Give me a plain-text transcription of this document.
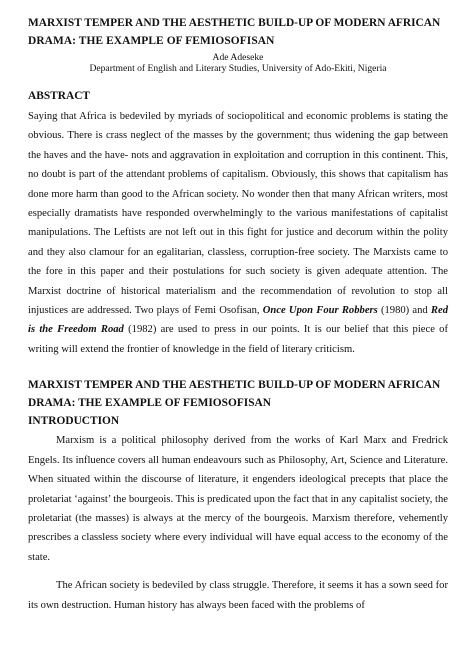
MARXIST TEMPER AND THE AESTHETIC BUILD-UP OF MODERN AFRICAN

DRAMA: THE EXAMPLE OF FEMIOSOFISAN

Ade Adeseke

Department of English and Literary Studies, University of Ado-Ekiti, Nigeria

ABSTRACT

Saying that Africa is bedeviled by myriads of sociopolitical and economic problems is stating the obvious. There is crass neglect of the masses by the government; thus widening the gap between the haves and the have- nots and aggravation in exploitation and corruption in this continent. This, no doubt is part of the attendant problems of capitalism. Obviously, this shows that capitalism has done more harm than good to the African society. No wonder then that many African writers, most especially dramatists have responded overwhelmingly to the various manifestations of capitalist manipulations. The Leftists are not left out in this fight for justice and decorum within the polity and they also clamour for an egalitarian, classless, corruption-free society. The Marxists came to the fore in this paper and their postulations for such society is given adequate attention. The Marxist doctrine of historical materialism and the recommendation of revolution to stop all injustices are addressed. Two plays of Femi Osofisan, Once Upon Four Robbers (1980) and Red is the Freedom Road (1982) are used to press in our points. It is our belief that this piece of writing will extend the frontier of knowledge in the field of literary criticism.

MARXIST TEMPER AND THE AESTHETIC BUILD-UP OF MODERN AFRICAN

DRAMA: THE EXAMPLE OF FEMIOSOFISAN

INTRODUCTION

Marxism is a political philosophy derived from the works of Karl Marx and Fredrick Engels. Its influence covers all human endeavours such as Philosophy, Art, Science and Literature. When situated within the discourse of literature, it engenders ideological precepts that place the proletariat ‘against’ the bourgeois. This is predicated upon the fact that in any capitalist society, the proletariat (the masses) is always at the mercy of the bourgeois. Marxism therefore, vehemently prescribes a classless society where every individual will have equal access to the economy of the state.

The African society is bedeviled by class struggle. Therefore, it seems it has a sown seed for its own destruction. Human history has always been faced with the problems of
